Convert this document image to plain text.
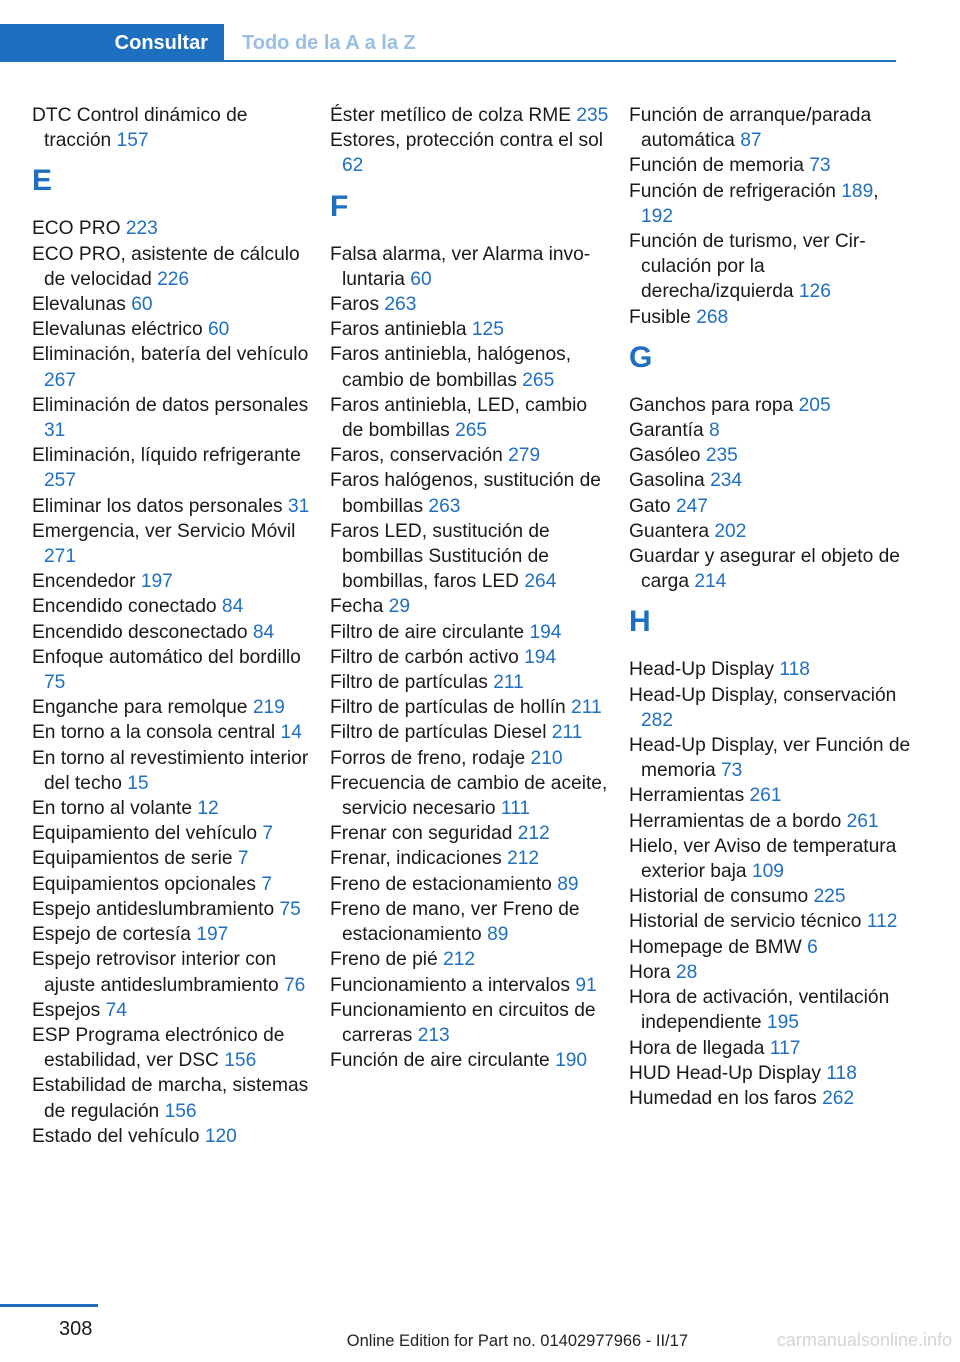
Consultar	Todo de la A a la Z
DTC Control dinámico de tracción 157
E
ECO PRO 223
ECO PRO, asistente de cálculo de velocidad 226
Elevalunas 60
Elevalunas eléctrico 60
Eliminación, batería del vehículo 267
Eliminación de datos personales 31
Eliminación, líquido refrigerante 257
Eliminar los datos personales 31
Emergencia, ver Servicio Móvil 271
Encendedor 197
Encendido conectado 84
Encendido desconectado 84
Enfoque automático del bordillo 75
Enganche para remolque 219
En torno a la consola central 14
En torno al revestimiento interior del techo 15
En torno al volante 12
Equipamiento del vehículo 7
Equipamientos de serie 7
Equipamientos opcionales 7
Espejo antideslumbramiento 75
Espejo de cortesía 197
Espejo retrovisor interior con ajuste antideslumbramiento 76
Espejos 74
ESP Programa electrónico de estabilidad, ver DSC 156
Estabilidad de marcha, sistemas de regulación 156
Estado del vehículo 120
Éster metílico de colza RME 235
Estores, protección contra el sol 62
F
Falsa alarma, ver Alarma involuntaria 60
Faros 263
Faros antiniebla 125
Faros antiniebla, halógenos, cambio de bombillas 265
Faros antiniebla, LED, cambio de bombillas 265
Faros, conservación 279
Faros halógenos, sustitución de bombillas 263
Faros LED, sustitución de bombillas Sustitución de bombillas, faros LED 264
Fecha 29
Filtro de aire circulante 194
Filtro de carbón activo 194
Filtro de partículas 211
Filtro de partículas de hollín 211
Filtro de partículas Diesel 211
Forros de freno, rodaje 210
Frecuencia de cambio de aceite, servicio necesario 111
Frenar con seguridad 212
Frenar, indicaciones 212
Freno de estacionamiento 89
Freno de mano, ver Freno de estacionamiento 89
Freno de pié 212
Funcionamiento a intervalos 91
Funcionamiento en circuitos de carreras 213
Función de aire circulante 190
Función de arranque/parada automática 87
Función de memoria 73
Función de refrigeración 189, 192
Función de turismo, ver Circulación por la derecha/izquierda 126
Fusible 268
G
Ganchos para ropa 205
Garantía 8
Gasóleo 235
Gasolina 234
Gato 247
Guantera 202
Guardar y asegurar el objeto de carga 214
H
Head-Up Display 118
Head-Up Display, conservación 282
Head-Up Display, ver Función de memoria 73
Herramientas 261
Herramientas de a bordo 261
Hielo, ver Aviso de temperatura exterior baja 109
Historial de consumo 225
Historial de servicio técnico 112
Homepage de BMW 6
Hora 28
Hora de activación, ventilación independiente 195
Hora de llegada 117
HUD Head-Up Display 118
Humedad en los faros 262
308
Online Edition for Part no. 01402977966 - II/17	carmanualsonline.info
